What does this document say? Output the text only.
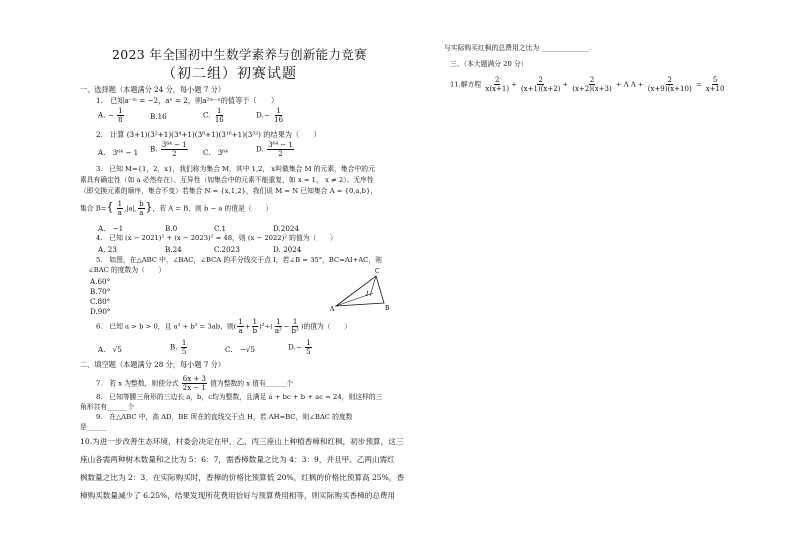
2023 年全国初中生数学素养与创新能力竞赛
（初二组）初赛试题
一、选择题（本题满分 24 分，每小题 7 分）
1.　已知a⁻ᵐ = −2，aⁿ = 2，则a²ᵐ⁻ⁿ的值等于（　　）
A. − $\frac{1}{8}$	B.16	C. $\frac{1}{16}$	$D.- \frac{1}{16}$
2.　计算 (3+1)(3²+1)(3⁴+1)(3⁸+1)(3¹⁶+1)(3³²) 的结果为（　　）
A.　3⁶⁴ − 1 B. $\frac{\text{3⁶⁴ − 1}}{2} C$.　3⁶⁴	D. $\frac{\text{3⁶⁴ − 1}}{2}$
3.　已知 M={1，2，x}，我们称为集合 M，其中 1,2， x叫做集合 M 的元素，集合中的元
素具有确定性（如 a 必然存在）、互异性（如集合中的元素不能重复，如 x = 1， x ≠ 2）、无序性
（即交换元素的顺序，集合不变）若集合 N = {x,1,2}，我们说 M = N 已知集合 A = {0,a,b}，
集合 $B=\{ \frac{1}{a} ,|a|$, $\frac{b}{a}$ }，若 A = B，则 b − a 的值是（　　）
A.　−1	B.0	C.1	D.2024
4.　已知 (x − 2021)² + (x − 2023)² = 48，则 (x − 2022)² 的值为（　　）
A. 23	B.24	C.2023	D. 2024
5.　如图，在△ABC 中，∠BAC，∠BCA 的平分线交于点 I，若∠B = 35°，BC=AI+AC，则
∠BAC 的度数为（　　）
A.60°
B.70°
C.80°
D.90°
C
I
A	B
6.　已知 a > b > 0，且 a² + b² = 3ab，则( $\frac{1}{a} + \frac{1}{b} )^2\div( \frac{1}{\text{a²}} - \frac{1}{\text{b²}}$ )的值为（　　）
A.　√5	B. $\frac{1}{5}$	C.　−√5	$D.- \frac{1}{5}$
二、填空题（本题满分 28 分，每小题 7 分）
7.　若 x 为整数，则使分式 $\frac{6x + 3}{2x - 1}$ 值为整数的 x 值有______个
8.　已知等腰三角形的三边长 a，b，c均为整数，且满足 a + bc + b + ac = 24，则这样的三
角形共有______个
9.　在△ABC 中，高 AD，BE 所在的直线交于点 H，若 AH=BC，则∠BAC 的度数
是______
10.为进一步改善生态环境，村委会决定在甲、乙、丙三座山上种植香樟和红枫，初步预算，这三
座山各需两种树木数量和之比为 5：6：7，需香樟数量之比为 4：3：9，并且甲、乙两山需红
枫数量之比为 2：3．在实际购买时，香樟的价格比预算低 20%，红枫的价格比预算高 25%，香
樟购买数量减少了 6.25%，结果发现所花费用恰好与预算费用相等，则实际购买香樟的总费用
与实际购买红枫的总费用之比为 ______________.
三、（本大题满分 20 分）
11.解方程 $\frac{2}{x(x+1)} + \frac{2}{(x+1)(x+2)} + \frac{2}{(x+2)(x+3)} + \Lambda$ $\Lambda + \frac{2}{(x+9)(x+10)} = \frac{5}{x+10}$
